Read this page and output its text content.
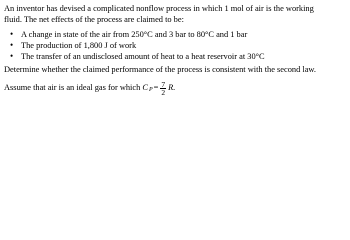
An inventor has devised a complicated nonflow process in which 1 mol of air is the working
fluid. The net effects of the process are claimed to be:
• A change in state of the air from 250°C and 3 bar to 80°C and 1 bar
• The production of 1,800 J of work
• The transfer of an undisclosed amount of heat to a heat reservoir at 30°C
Determine whether the claimed performance of the process is consistent with the second law.
Assume that air is an ideal gas for which C $P = \frac{7}{2} R$.
